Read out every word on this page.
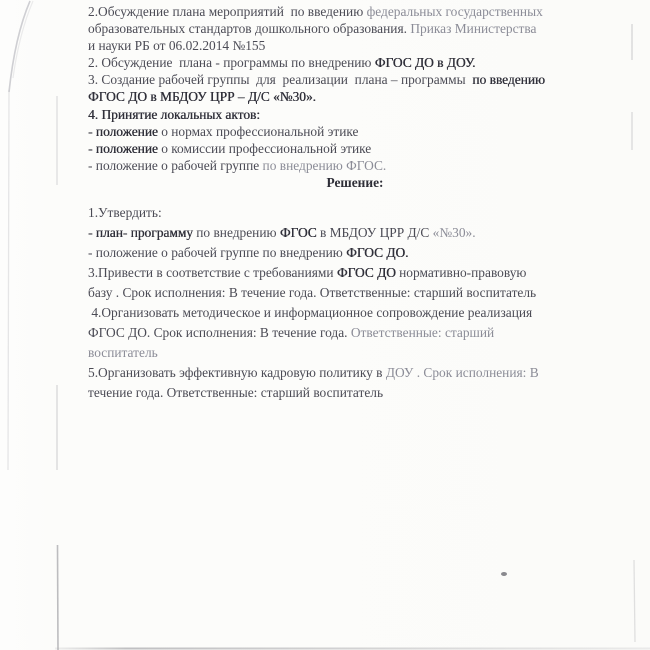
2.Обсуждение плана мероприятий  по введению федеральных государственных
образовательных стандартов дошкольного образования. Приказ Министерства
и науки РБ от 06.02.2014 №155
2. Обсуждение  плана - программы по внедрению ФГОС ДО в ДОУ.
3. Создание рабочей группы  для  реализации  плана – программы  по введению
ФГОС ДО в МБДОУ ЦРР – Д/С «№30».
4. Принятие локальных актов:
- положение о нормах профессиональной этике
- положение о комиссии профессиональной этике
- положение о рабочей группе по внедрению ФГОС.
Решение:
1.Утвердить:
- план- программу по внедрению ФГОС в МБДОУ ЦРР Д/С «№30».
- положение о рабочей группе по внедрению ФГОС ДО.
3.Привести в соответствие с требованиями ФГОС ДО нормативно-правовую
базу . Срок исполнения: В течение года. Ответственные: старший воспитатель
4.Организовать методическое и информационное сопровождение реализация
ФГОС ДО. Срок исполнения: В течение года. Ответственные: старший
воспитатель
5.Организовать эффективную кадровую политику в ДОУ . Срок исполнения: В
течение года. Ответственные: старший воспитатель
